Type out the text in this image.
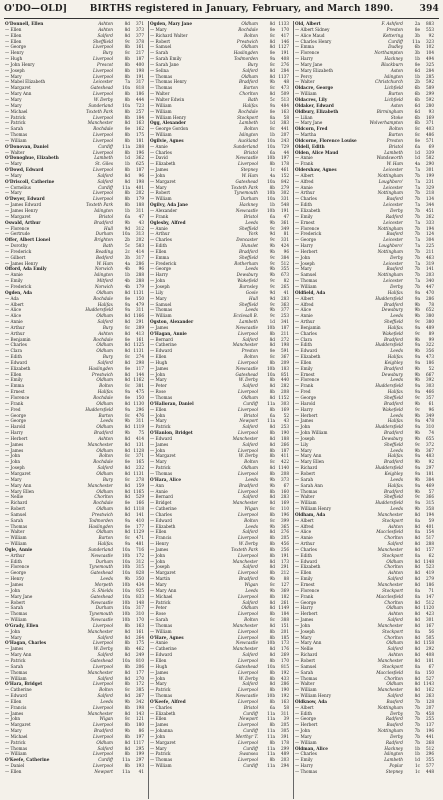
O'DO—OLD]	BIRTHS registered in January, February, and March 1890.	394
O'Donnell, Ellen	Ashton	8d	371
— Ellen	Ashton	8d	373
— Ellen	Salford	8d	377
— Ellen	Shefflield	9c	378
— George	Liverpool	8b	161
— Henry	Bury	8c	217
— Hugh	Liverpool	8b	187
— John Henry	Prescot	8b	400
— Joseph	Liverpool	8b	198
— Mary	Liverpool	8b	191
— Mabel Elizabeth	Leicester	7a	317
— Margaret	Gateshead	10a	818
— Mary Ann	Liverpool	8b	186
— Mary	W. Derby	8b	444
— Mary	Sunderland	10a	723
— Michael	Toxteth Park	8b	257
— Patrick	Liverpool	8b	184
— Patrick	Manchester	8d	163
— Sarah	Rochdale	8e	162
— Thomas	Liverpool	8b	175
— William	Liverpool	8b	181
O'Donovan, Daniel	Cardiff	11a	288
— Walter	Liverpool	8b	196
O'Donoghue, Elizabeth	Lambeth	1d	362
— Mary	St. Giles	1b	625
O'Dowd, Edward	Liverpool	8b	187
— Mary	Salford	8d	96
O'Driscoll, Catherine	Salford	8d	198
— Cornelius	Cardiff	11a	401
— Mary	Liverpool	8b	202
O'Dwyer, Edward	Liverpool	8b	179
— James Edward	Toxteth Park	8b	188
— James Henry	Islington	1b	311
— Margaret	Bristol	6a	47
Oswald, Arthur	Bradford	9b	43
— Florence	Hull	9d	312
— Gertrude	Durham	10a	313
Offer, Albert Lionel	Brighton	2b	202
— Dorothy	Bath	5c	583
— Frederick	Reading	2c	414
— Gilbert	Bedford	3b	317
— James Henry	W. Ham	4a	286
Offord, Ada Emily	Norwich	4b	96
— Annie	Islington	1b	288
— Emily	Mitford	4b	288
— Frederick	Norwich	4b	179
Ogden, Ada	Oldham	8d 1131
— Ada	Rochdale	8e	150
— Albert	Halifax	9a	479
— Alice	Huddersfield	9a	311
— Alice	Oldham	8d 1166
— Annie	Salford	8d	291
— Arthur	Bury	8c	289
— Arthur	Ashton	8d	413
— Benjamin	Rochdale	8e	161
— Charles	Oldham	8d 1125
— Clara	Oldham	8d 1131
— Edith	Bury	8c	274
— Edward	Salford	8d	298
— Elizabeth	Haslingden	8e	117
— Ellen	Prestwich	8d	144
— Emily	Oldham	8d 1162
— Emma	Bolton	8c	381
— Ernest	Halifax	9a	475
— Florence	Rochdale	8e	150
— Frank	Oldham	8d 1130
— Fred	Huddersfield	9a	296
— George	Barton	8c	476
— George	Leeds	9b	311
— Harold	Oldham	8d 1119
— Harry	Bradford	9b	75
— Herbert	Ashton	8d	414
— James	Manchester	8d	131
— James	Oldham	8d 1128
— John	Bolton	8c	371
— John	Rochdale	8e	165
— Joseph	Salford	8d	232
— Margaret	Oldham	8d 1131
— Mary	Bury	8c	278
— Mary Ann	Manchester	8d	159
— Mary Ellen	Oldham	8d 1165
— Nellie	Chorlton	8d	529
— Richard	Rochdale	8e	166
— Robert	Oldham	8d 1118
— Samuel	Prestwich	8d	141
— Sarah	Todmorden	9a	410
— Thomas	Haslingden	8e	177
— Walter	Oldham	8d 1129
— William	Barton	8c	471
— William	Halifax	9a	481
Ogle, Annie	Sunderland	10a	716
— Arthur	Newcastle	10b	172
— Edith	Durham	10a	312
— Florence	Tynemouth	10b	315
— George	Gateshead	10a	828
— Henry	Leeds	9b	350
— James	Morpeth	10b	434
— John	S. Shields	10a	925
— Mary Jane	Gateshead	10a	833
— Robert	Newcastle	10b	148
— Sarah	Durham	10a	317
— Thomas	Tynemouth	10b	310
— William	Newcastle	10b	170
O'Grady, Ellen	Liverpool	8b	163
— John	Manchester	8d	161
— Mary	Salford	8d	264
O'Hagan, Charles	Liverpool	8b	175
— James	W. Derby	8b	462
— Mary Ann	Salford	8d	249
— Patrick	Gateshead	10a	810
— Sarah	Liverpool	8b	206
— Thomas	Manchester	8d	177
— William	Salford	8d	270
O'Hara, Bridget	Liverpool	8b	172
— Catherine	Bolton	8c	385
— Edward	Salford	8d	267
— Ellen	Leeds	9b	342
— Francis	Liverpool	8b	198
— James	Manchester	8d	143
— John	Wigan	8c	121
— Margaret	Liverpool	8b	180
— Mary	Bradford	9b	86
— Michael	Liverpool	8b	197
— Patrick	Oldham	8d 1117
— Thomas	Salford	8d	295
— William	Liverpool	8b	199
O'Keefe, Catherine	Cardiff	11a	297
— Daniel	Liverpool	8b	193
— Ellen	Newport	11a	41
Ogden, Mary Jane	Oldham	8d 1133
— Mary	Rochdale	8e	170
— Richard Walter	Bolton	8c	417
— Robert	Prestwich	8d	146
— Samuel	Oldham	8d 1127
— Sarah	Haslingden	8e	191
— Sarah Emily	Todmorden	9a	408
— Sarah Jane	Bury	8c	276
— Selina	Salford	8d	284
— Thomas	Oldham	8d 1137
— Thomas Henry	Bradford	9b	48
— Thomas	Barton	8c	473
— Walter	Chorlton	8d	509
— Walter Edwin	Bath	5c	513
— William	Halifax	9a	484
— William	Rochdale	8e	163
— William Henry	Stockport	8a	58
Ogg, Alexander	Lambeth	1d	383
— George Gordon	Bolton	8c	441
— William	Islington	1b	207
Ogilvie, Agnes	Auckland	10a	243
— Annie	Sunderland	10a	729
— Charles	Bristol	6a	44
— David	Newcastle	10b	197
— Elizabeth	Liverpool	8b	178
— James	Stepney	1c	461
— John	W. Ham	4a	152
— Margaret	Gateshead	10a	842
— Mary	Toxteth Park	8b	279
— Robert	Tynemouth	10b	302
— William	Durham	10a	331
Ogilvy, Ada Jane	Hackney	1b	548
— Alexander	Newcastle	10b	191
— Frank	Bristol	6a	47
Oglesby, Alfred	Leeds	9b	361
— Annie	Sheffield	9c	349
— Arthur	York	9d	81
— Charles	Doncaster	9c	331
— Edith	Hunslet	9b	424
— Ellen	Bradford	9b	96
— Emma	Sheffield	9c	384
— Frederick	Rotherham	9c	512
— George	Leeds	9b	355
— Harry	Dewsbury	9b	673
— John	Wakefield	9c	82
— Joseph	Barnsley	9c	265
— Lily	Goole	9d	41
— Mary	Hull	9d	283
— Samuel	Sheffield	9c	363
— Thomas	Leeds	9b	377
— William	Ecclesall B.	9c	253
Ogston, Alexander	Lambeth	1d	341
— James	Newcastle	10b	187
O'Hagan, Annie	Liverpool	8b	211
— Bernard	Salford	8d	272
— Catherine	Manchester	8d	198
— Edward	Preston	8e	591
— Ellen	Bolton	8c	367
— Hugh	Liverpool	8b	209
— James	Newcastle	10b	183
— John	Gateshead	10a	851
— Mary	W. Derby	8b	440
— Peter	Salford	8d	282
— Rose	Liverpool	8b	208
— Thomas	Oldham	8d 1152
O'Halloran, Daniel	Cardiff	11a	303
— Ellen	Liverpool	8b	169
— John	Bristol	6a	52
— Mary	Newport	11a	43
— Patrick	Salford	8d	253
O'Hanlon, Bridget	Liverpool	8b	190
— Edward	Manchester	8d	188
— James	Salford	8d	266
— John	Liverpool	8b	187
— Margaret	W. Derby	8b	411
— Mary	Bolton	8c	422
— Patrick	Oldham	8d 1140
— Thomas	Liverpool	8b	208
O'Hara, Alice	Leeds	9b	373
— Ann	Bradford	9b	67
— Annie	Liverpool	8b	160
— Bernard	Salford	8d	283
— Bridget	Manchester	8d	169
— Catherine	Wigan	8c	110
— Charles	Liverpool	8b	196
— Edward	Bolton	8c	399
— Elizabeth	Leeds	9b	365
— Ellen	Salford	8d	276
— Francis	Liverpool	8b	205
— Henry	W. Derby	8b	456
— James	Toxteth Park	8b	256
— John	Liverpool	8b	191
— John	Manchester	8d	173
— Joseph	Salford	8d	291
— Margaret	Liverpool	8b	212
— Martin	Bradford	9b	88
— Mary	Wigan	8c	127
— Mary Ann	Leeds	9b	369
— Michael	Liverpool	8b	182
— Patrick	Salford	8d	261
— Peter	Oldham	8d 1149
— Rose	Liverpool	8b	184
— Sarah	Bolton	8c	388
— Thomas	Manchester	8d	151
— William	Liverpool	8b	201
O'Hare, Agnes	Liverpool	8b	185
— Annie	Newcastle	10b	173
— Catherine	Manchester	8d	176
— Edward	Salford	8d	269
— Ellen	Liverpool	8b	170
— Hugh	Gateshead	10a	815
— James	Liverpool	8b	192
— John	W. Derby	8b	433
— Mary	Salford	8d	286
— Patrick	Liverpool	8b	190
— Thomas	Newcastle	10b	192
O'Keefe, Alfred	Liverpool	8b	163
— Charles	Bristol	6a	58
— Elizabeth	Cardiff	11a	311
— Ellen	Newport	11a	39
— James	Liverpool	8b	205
— Johanna	Cardiff	11a	305
— John	Merthyr T.	11a	391
— Margaret	Liverpool	8b	178
— Mary	Cardiff	11a	299
— Patrick	Swansea	11a	489
— Thomas	Liverpool	8b	203
— William	Cardiff	11a	294
Old, Albert	F. Ashford	2a	883
— Albert Sidney	Preston	8e	553
— Alice Maud	Kettering	3b	92
— Charles Henry	Cardiff	11a	323
— Emma	Dudley	6b	102
— Florence	Northampton	3b	104
— Harry	Hackney	1b	494
— Mary Jane	Blackburn	8e	325
— Mary Elizabeth	Aston	6d	284
— Percy	Islington	1b	285
— Walter	Christchurch	2b	592
Oldacre, George	Lichfield	6b	589
— William	Burton	6b	299
Oldacres, Lily	Lichfield	6b	592
Oldaker, Edward	Aston	6d	280
Oldbury, Elizabeth	Birmingham	6d	93
— Lilian	Stoke	6b	169
— Mary Jane	Wolverhampton	6b	371
Oldcorn, Fred	Bolton	8c	403
— Martha	Barton	8c	486
Oldcorne, Florence Louise	Preston	8e	571
Oldell, Edith	Bristol	6a	69
Olden, Alice Maud	Lambeth	1d	339
— Annie	Wandsworth	1d	582
— Frank	W. Ham	4a	290
Oldershaw, Agnes	Leicester	7a	301
— Albert	Nottingham	7b	199
— Alfred	Loughboro'	7a	231
— Annie	Leicester	7a	329
— Arthur	Nottingham	7b	218
— Charles	Basford	7b	134
— Edith	Leicester	7a	344
— Elizabeth	Derby	7b	451
— Emily	Radford	7b	262
— Ernest	Leicester	7a	333
— Florence	Nottingham	7b	194
— Frederick	Basford	7b	124
— George	Leicester	7a	304
— Harry	Loughboro'	7a	225
— Herbert	Nottingham	7b	211
— John	Derby	7b	463
— Joseph	Leicester	7a	319
— Mary	Basford	7b	141
— Samuel	Nottingham	7b	203
— Thomas	Leicester	7a	340
— William	Derby	7b	447
Oldfield, Ada	Halifax	9a	470
— Albert	Huddersfield	9a	286
— Alfred	Bradford	9b	78
— Alice	Dewsbury	9b	652
— Annie	Leeds	9b	380
— Arthur	Sheffield	9c	380
— Benjamin	Halifax	9a	489
— Charles	Wakefield	9c	89
— Clara	Bradford	9b	99
— Edith	Huddersfield	9a	322
— Edward	Leeds	9b	356
— Elizabeth	Halifax	9a	473
— Ellen	Keighley	9a	186
— Emily	Bradford	9b	52
— Ernest	Dewsbury	9b	667
— Florence	Leeds	9b	392
— Frank	Huddersfield	9a	303
— Fred	Halifax	9a	466
— George	Sheffield	9c	357
— Harold	Bradford	9b	61
— Harry	Wakefield	9c	96
— Herbert	Leeds	9b	349
— James	Halifax	9a	478
— John	Huddersfield	9a	310
— John William	Bradford	9b	74
— Joseph	Dewsbury	9b	655
— Lily	Sheffield	9c	372
— Mary	Leeds	9b	367
— Mary Ann	Halifax	9a	483
— Mary Ellen	Bradford	9b	92
— Richard	Huddersfield	9a	297
— Robert	Keighley	9a	181
— Sarah	Leeds	9b	384
— Sarah Ann	Halifax	9a	469
— Thomas	Bradford	9b	57
— Walter	Sheffield	9c	366
— William	Huddersfield	9a	315
— William Henry	Leeds	9b	358
Oldham, Ada	Manchester	8d	194
— Albert	Stockport	8a	59
— Alfred	Ashton	8d	401
— Alice	Macclesfield	8a	154
— Annie	Chorlton	8d	517
— Arthur	Salford	8d	288
— Charles	Manchester	8d	157
— Edith	Stockport	8a	62
— Edward	Oldham	8d 1148
— Elizabeth	Chorlton	8d	523
— Ellen	Ashton	8d	419
— Emily	Salford	8d	279
— Ernest	Manchester	8d	186
— Florence	Stockport	8a	71
— Frank	Macclesfield	8a	147
— George	Chorlton	8d	512
— Harry	Oldham	8d 1120
— Herbert	Ashton	8d	423
— James	Salford	8d	301
— John	Manchester	8d	167
— Joseph	Stockport	8a	56
— Mary	Chorlton	8d	505
— Mary Ann	Oldham	8d 1158
— Nellie	Salford	8d	292
— Richard	Ashton	8d	408
— Robert	Manchester	8d	181
— Samuel	Stockport	8a	67
— Sarah	Macclesfield	8a	150
— Thomas	Chorlton	8d	527
— Walter	Oldham	8d 1143
— William	Manchester	8d	162
— William Henry	Salford	8d	263
Oldknow, Ada	Basford	7b	128
— Albert	Nottingham	7b	207
— Edith	Derby	7b	458
— George	Radford	7b	255
— Herbert	Basford	7b	137
— John	Nottingham	7b	196
— Mary	Derby	7b	441
— William	Radford	7b	268
Oldman, Alice	Hackney	1b	512
— Charles	Islington	1b	296
— Emily	Lambeth	1d	355
— Harry	Poplar	1c	577
— Thomas	Stepney	1c	448
